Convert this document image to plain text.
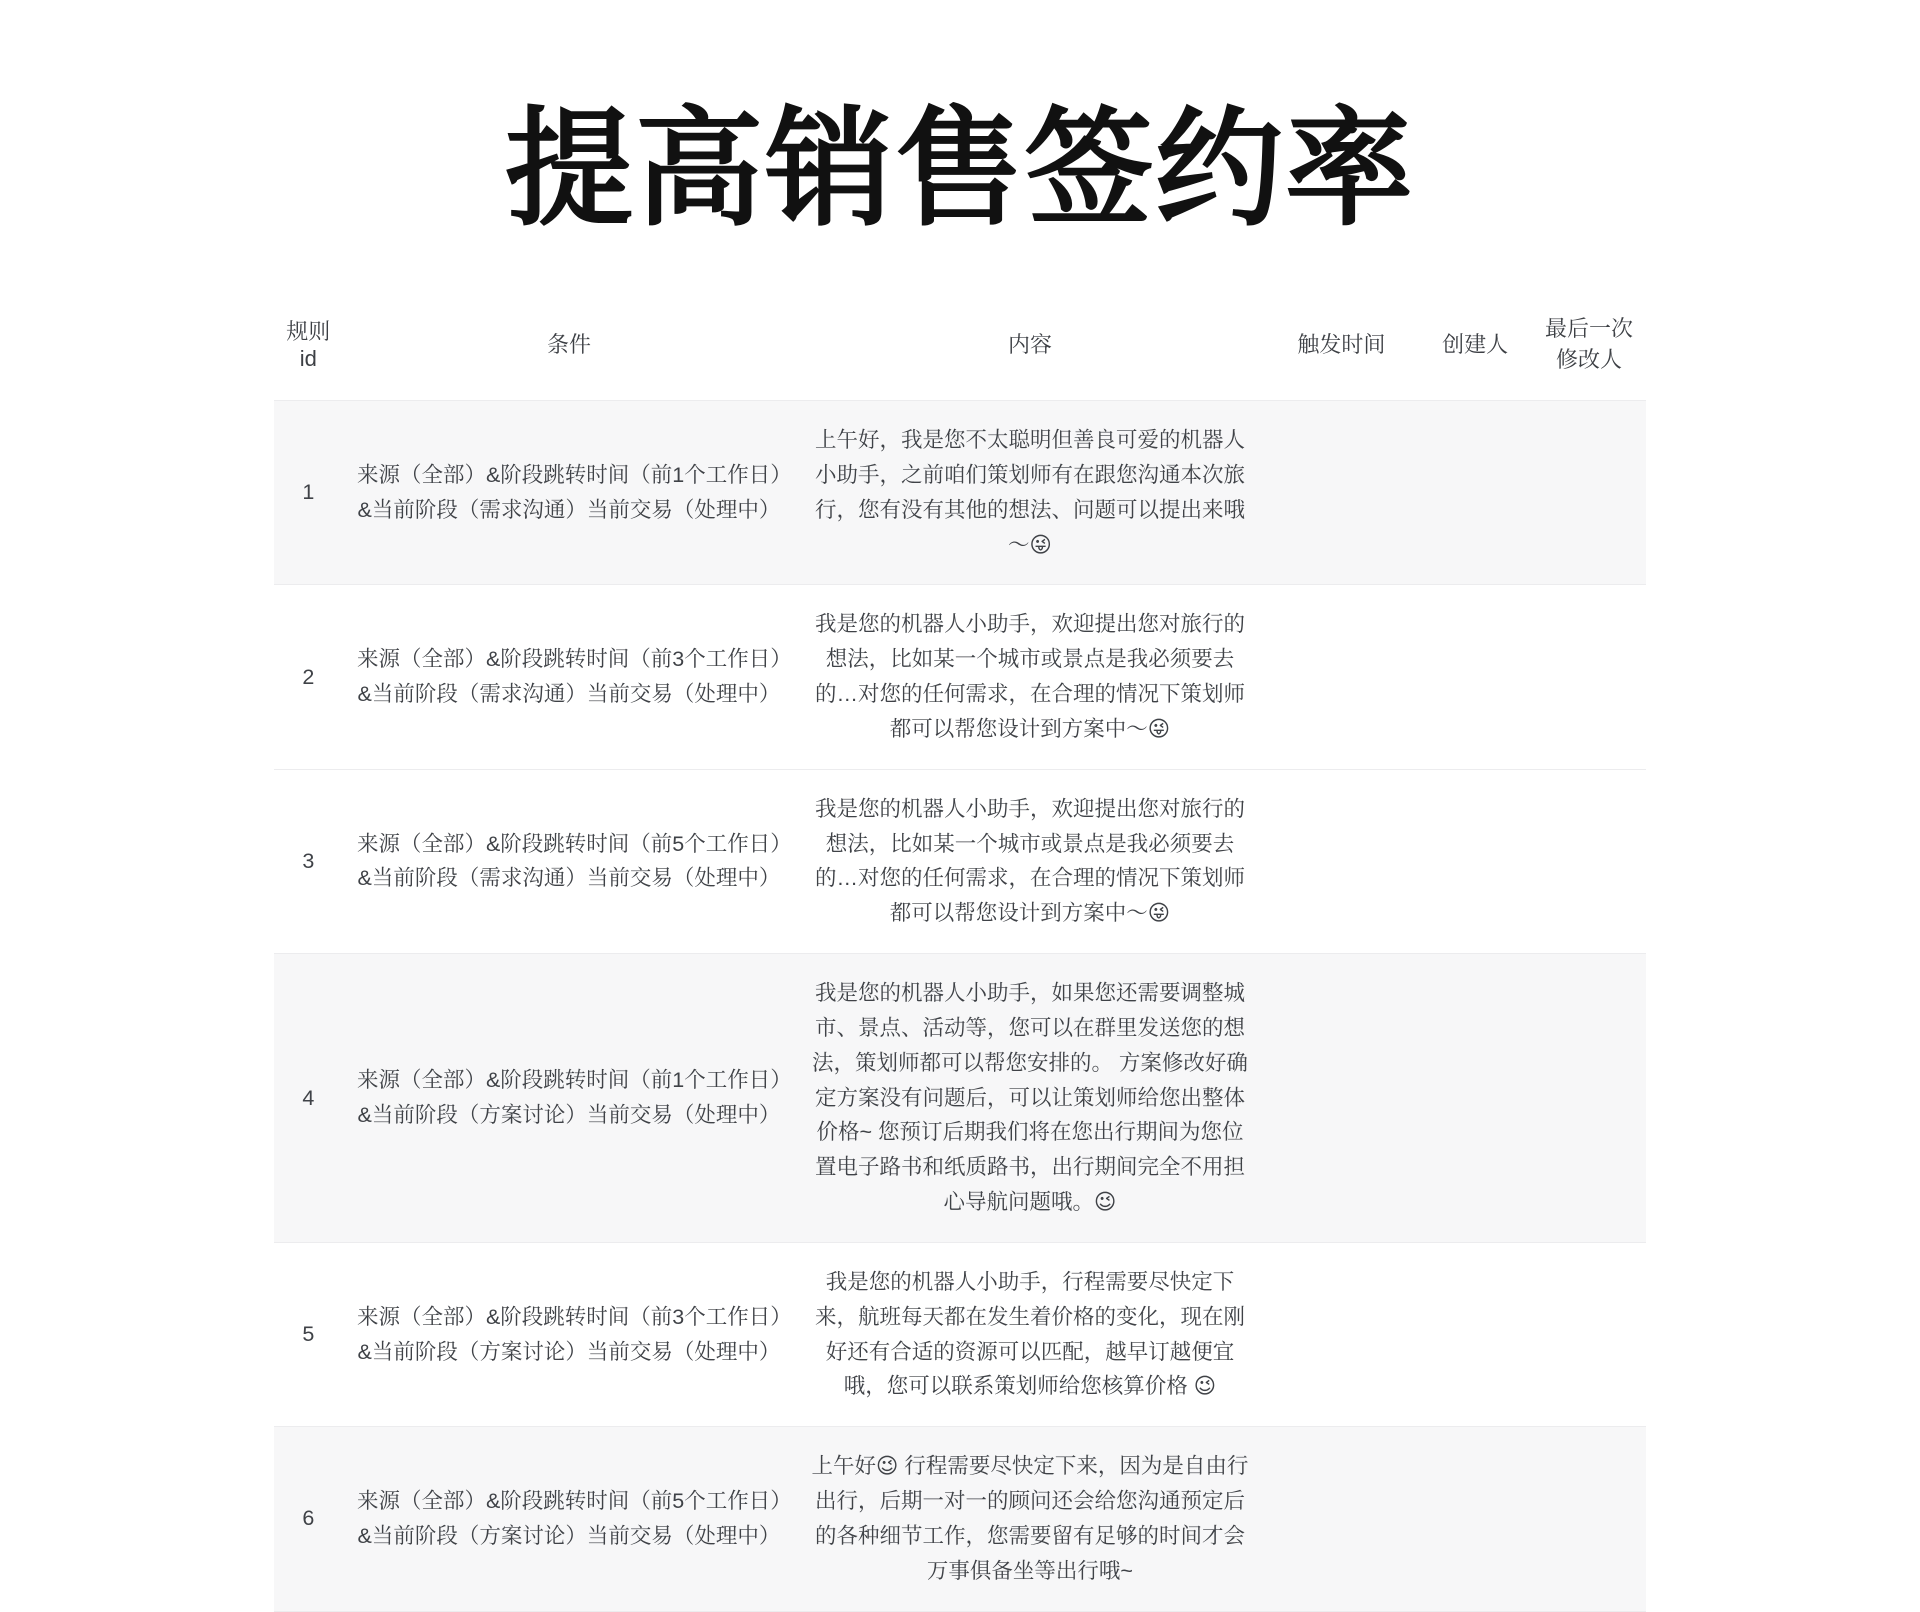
提高销售签约率
规则id	条件	内容	触发时间	创建人	最后一次修改人
1	来源（全部）&阶段跳转时间（前1个工作日）&当前阶段（需求沟通）当前交易（处理中）	上午好，我是您不太聪明但善良可爱的机器人小助手，之前咱们策划师有在跟您沟通本次旅行，您有没有其他的想法、问题可以提出来哦～😜			
2	来源（全部）&阶段跳转时间（前3个工作日）&当前阶段（需求沟通）当前交易（处理中）	我是您的机器人小助手，欢迎提出您对旅行的想法，比如某一个城市或景点是我必须要去的…对您的任何需求，在合理的情况下策划师都可以帮您设计到方案中～😜			
3	来源（全部）&阶段跳转时间（前5个工作日）&当前阶段（需求沟通）当前交易（处理中）	我是您的机器人小助手，欢迎提出您对旅行的想法，比如某一个城市或景点是我必须要去的…对您的任何需求，在合理的情况下策划师都可以帮您设计到方案中～😜			
4	来源（全部）&阶段跳转时间（前1个工作日）&当前阶段（方案讨论）当前交易（处理中）	我是您的机器人小助手，如果您还需要调整城市、景点、活动等，您可以在群里发送您的想法，策划师都可以帮您安排的。 方案修改好确定方案没有问题后，可以让策划师给您出整体价格~ 您预订后期我们将在您出行期间为您位置电子路书和纸质路书，出行期间完全不用担心导航问题哦。😉			
5	来源（全部）&阶段跳转时间（前3个工作日）&当前阶段（方案讨论）当前交易（处理中）	我是您的机器人小助手，行程需要尽快定下来，航班每天都在发生着价格的变化，现在刚好还有合适的资源可以匹配，越早订越便宜哦，您可以联系策划师给您核算价格 😉			
6	来源（全部）&阶段跳转时间（前5个工作日）&当前阶段（方案讨论）当前交易（处理中）	上午好😉 行程需要尽快定下来，因为是自由行出行，后期一对一的顾问还会给您沟通预定后的各种细节工作，您需要留有足够的时间才会万事俱备坐等出行哦~			
